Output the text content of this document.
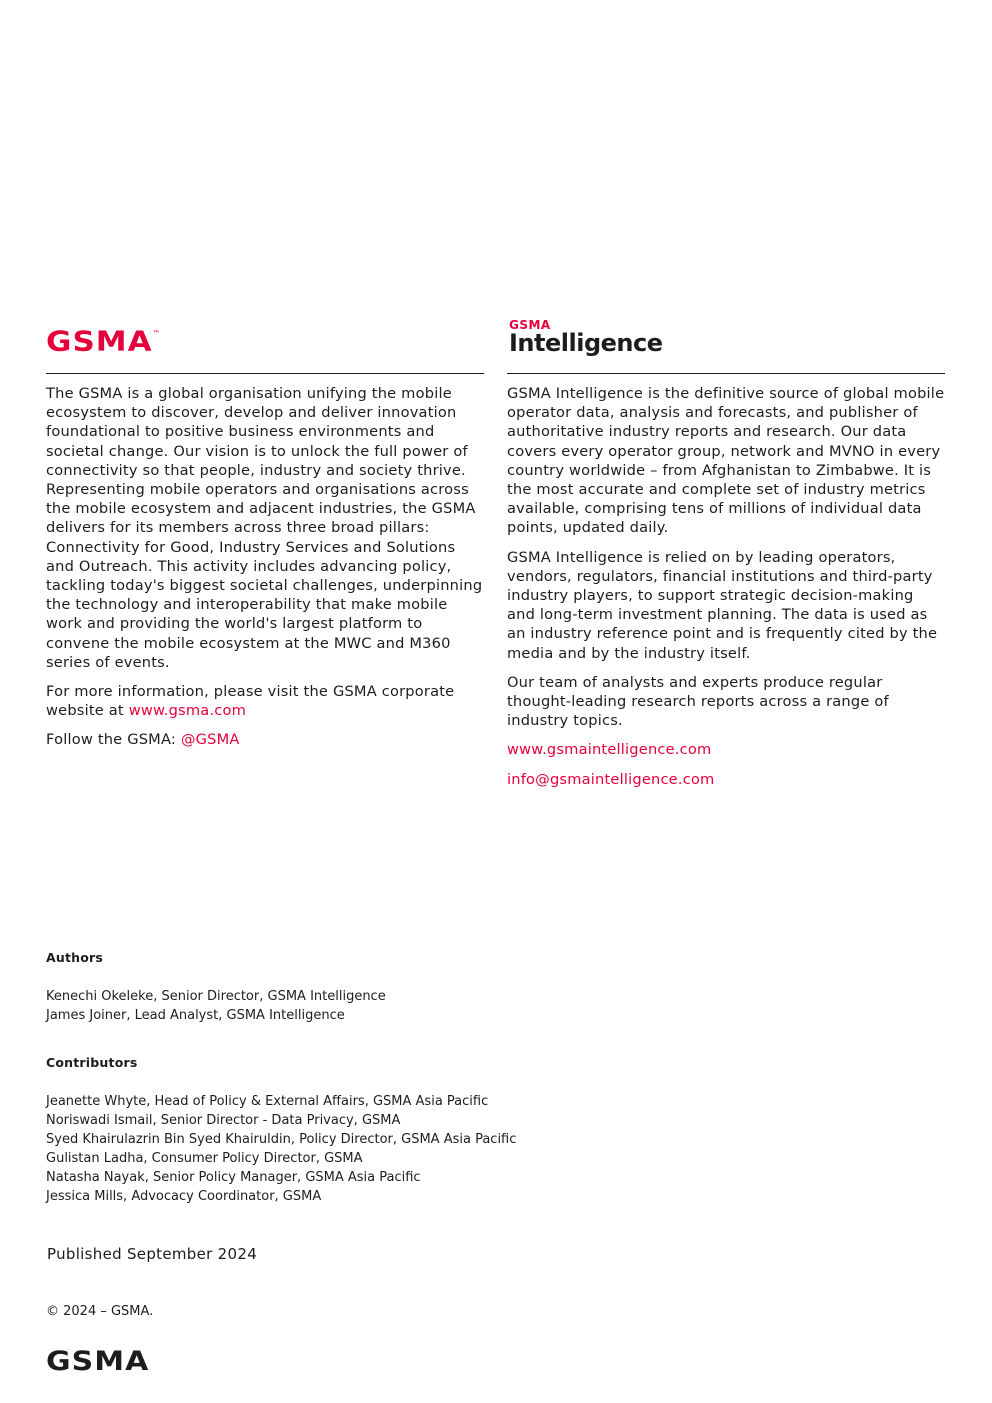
GSMA™

The GSMA is a global organisation unifying the mobile ecosystem to discover, develop and deliver innovation foundational to positive business environments and societal change. Our vision is to unlock the full power of connectivity so that people, industry and society thrive. Representing mobile operators and organisations across the mobile ecosystem and adjacent industries, the GSMA delivers for its members across three broad pillars: Connectivity for Good, Industry Services and Solutions and Outreach. This activity includes advancing policy, tackling today's biggest societal challenges, underpinning the technology and interoperability that make mobile work and providing the world's largest platform to convene the mobile ecosystem at the MWC and M360 series of events.

For more information, please visit the GSMA corporate website at www.gsma.com

Follow the GSMA: @GSMA

GSMA
Intelligence

GSMA Intelligence is the definitive source of global mobile operator data, analysis and forecasts, and publisher of authoritative industry reports and research. Our data covers every operator group, network and MVNO in every country worldwide – from Afghanistan to Zimbabwe. It is the most accurate and complete set of industry metrics available, comprising tens of millions of individual data points, updated daily.

GSMA Intelligence is relied on by leading operators, vendors, regulators, financial institutions and third-party industry players, to support strategic decision-making and long-term investment planning. The data is used as an industry reference point and is frequently cited by the media and by the industry itself.

Our team of analysts and experts produce regular thought-leading research reports across a range of industry topics.

www.gsmaintelligence.com

info@gsmaintelligence.com

Authors

Kenechi Okeleke, Senior Director, GSMA Intelligence
James Joiner, Lead Analyst, GSMA Intelligence

Contributors

Jeanette Whyte, Head of Policy & External Affairs, GSMA Asia Pacific
Noriswadi Ismail, Senior Director - Data Privacy, GSMA
Syed Khairulazrin Bin Syed Khairuldin, Policy Director, GSMA Asia Pacific
Gulistan Ladha, Consumer Policy Director, GSMA
Natasha Nayak, Senior Policy Manager, GSMA Asia Pacific
Jessica Mills, Advocacy Coordinator, GSMA
Published September 2024
© 2024 – GSMA.
GSMA
